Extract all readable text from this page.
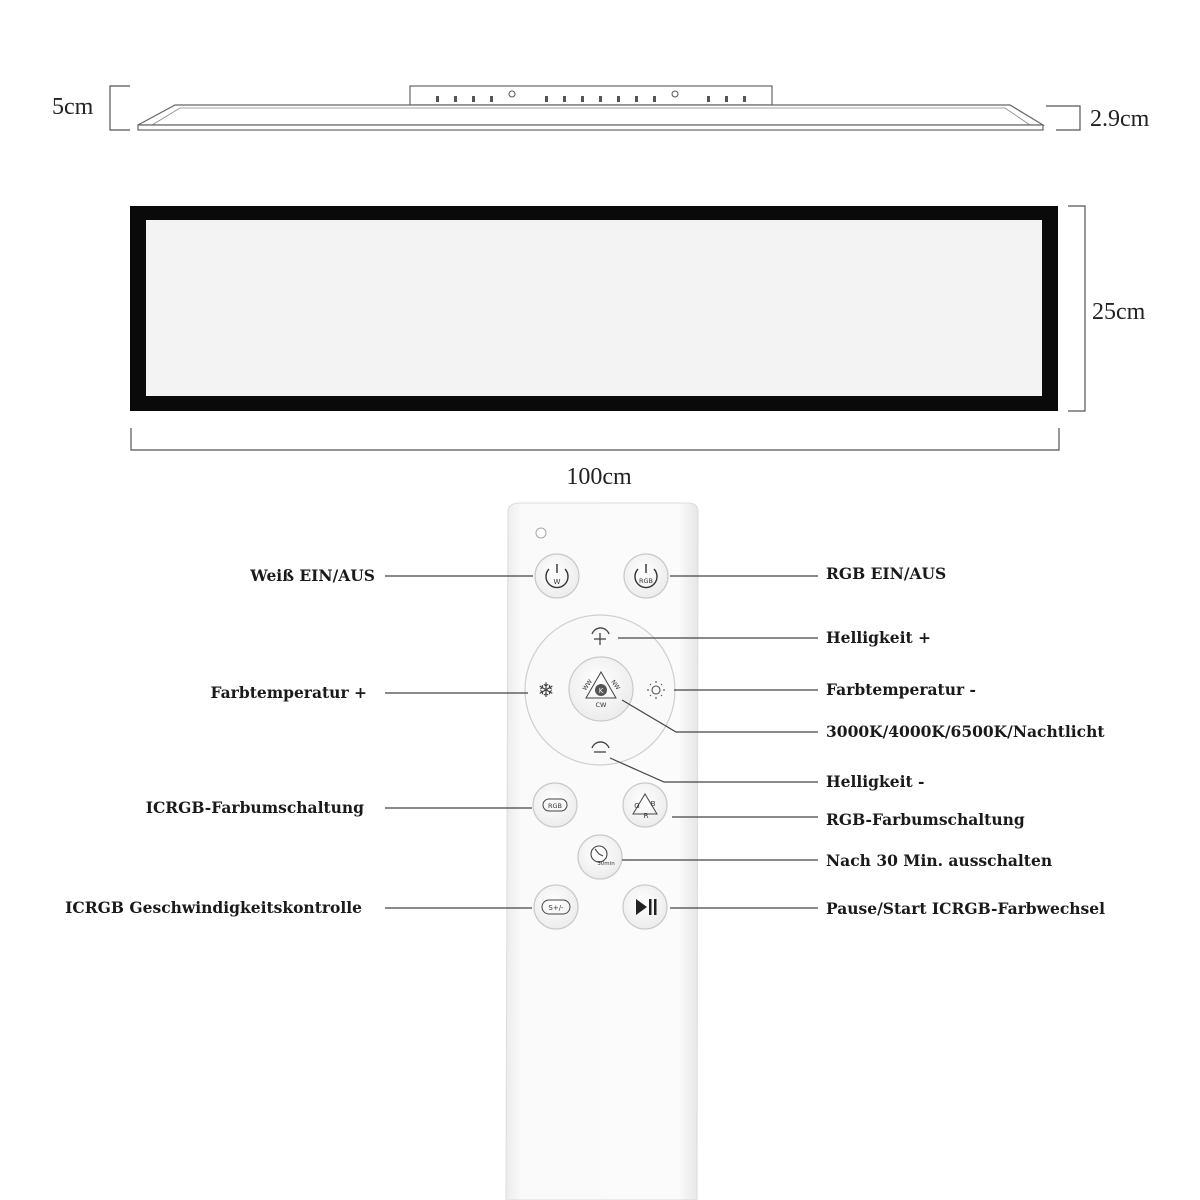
5cm	2.9cm
25cm
100cm
W	RGB
❄	K
WW	NW
CW
RGB	G B
R
30min
S+/-
Weiß EIN/AUS	RGB EIN/AUS
Helligkeit +
Farbtemperatur +	Farbtemperatur -
3000K/4000K/6500K/Nachtlicht
Helligkeit -
ICRGB-Farbumschaltung
RGB-Farbumschaltung
Nach 30 Min. ausschalten
ICRGB Geschwindigkeitskontrolle	Pause/Start ICRGB-Farbwechsel
